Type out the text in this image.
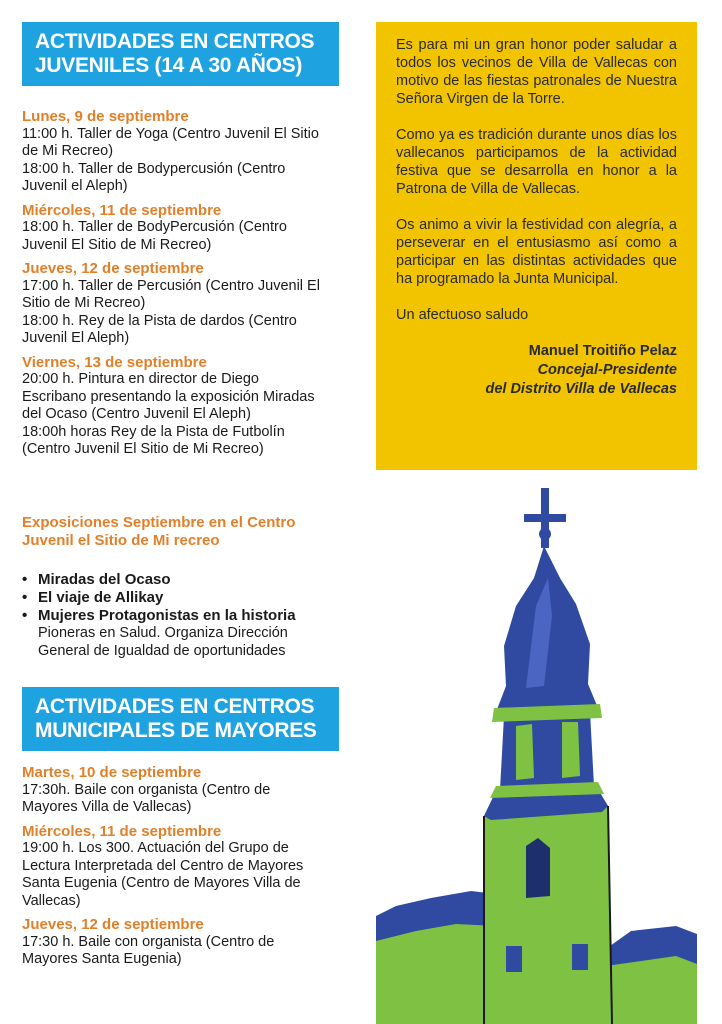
ACTIVIDADES EN CENTROS
JUVENILES (14 A 30 AÑOS)
Lunes, 9 de septiembre

11:00 h. Taller de Yoga (Centro Juvenil El Sitio

de Mi Recreo)

18:00 h. Taller de Bodypercusión (Centro

Juvenil el Aleph)

Miércoles, 11 de septiembre

18:00 h. Taller de BodyPercusión (Centro

Juvenil El Sitio de Mi Recreo)

Jueves, 12 de septiembre

17:00 h. Taller de Percusión (Centro Juvenil El

Sitio de Mi Recreo)

18:00 h. Rey de la Pista de dardos (Centro

Juvenil El Aleph)

Viernes, 13 de septiembre

20:00 h. Pintura en director de Diego

Escribano presentando la exposición Miradas

del Ocaso (Centro Juvenil El Aleph)

18:00h horas Rey de la Pista de Futbolín

(Centro Juvenil El Sitio de Mi Recreo)

Exposiciones Septiembre en el Centro
Juvenil el Sitio de Mi recreo
• Miradas del Ocaso
• El viaje de Allikay
• Mujeres Protagonistas en la historia
Pioneras en Salud. Organiza Dirección
General de Igualdad de oportunidades
ACTIVIDADES EN CENTROS
MUNICIPALES DE MAYORES
Martes, 10 de septiembre

17:30h. Baile con organista (Centro de

Mayores Villa de Vallecas)

Miércoles, 11 de septiembre

19:00 h. Los 300. Actuación del Grupo de

Lectura Interpretada del Centro de Mayores

Santa Eugenia (Centro de Mayores Villa de

Vallecas)

Jueves, 12 de septiembre

17:30 h. Baile con organista (Centro de

Mayores Santa Eugenia)

Es para mi un gran honor poder saludar a todos los vecinos de Villa de Vallecas con motivo de las fiestas patronales de Nuestra Señora Virgen de la Torre.

Como ya es tradición durante unos días los vallecanos participamos de la actividad festiva que se desarrolla en honor a la Patrona de Villa de Vallecas.

Os animo a vivir la festividad con alegría, a perseverar en el entusiasmo así como a participar en las distintas actividades que ha programado la Junta Municipal.

Un afectuoso saludo

Manuel Troitiño Pelaz
Concejal-Presidente
del Distrito Villa de Vallecas
